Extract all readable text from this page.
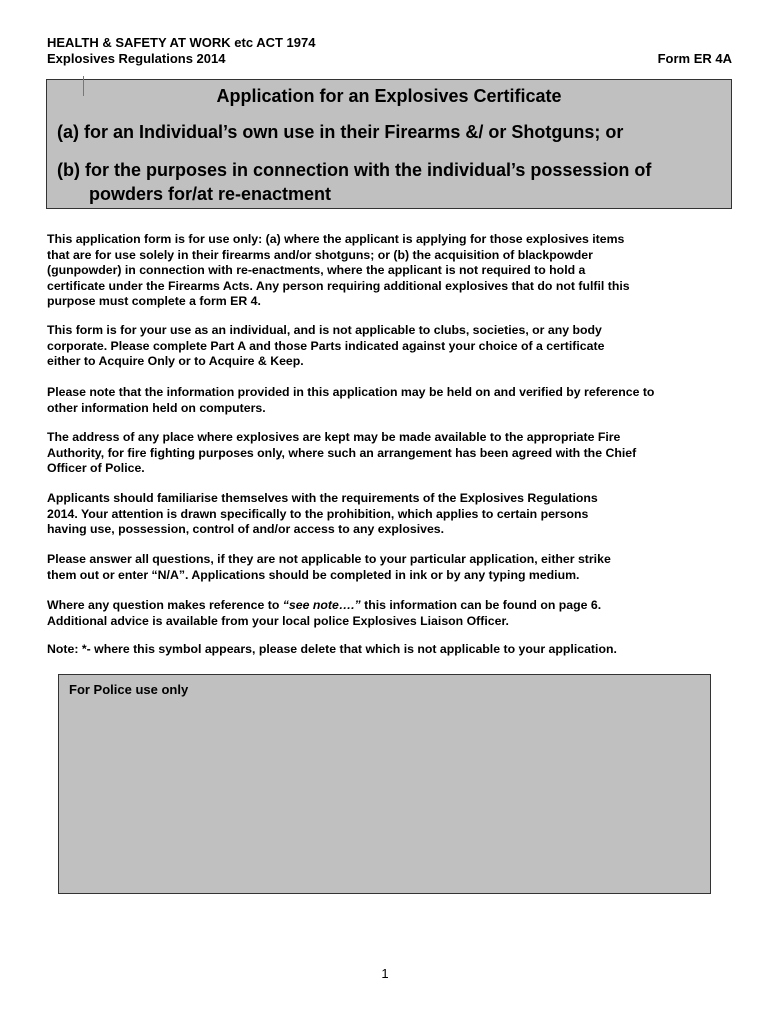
HEALTH & SAFETY AT WORK etc ACT 1974
Explosives Regulations 2014	Form ER 4A
Application for an Explosives Certificate
(a) for an Individual’s own use in their Firearms &/ or Shotguns; or
(b) for the purposes in connection with the individual’s possession of powders for/at re-enactment

This application form is for use only: (a) where the applicant is applying for those explosives items
that are for use solely in their firearms and/or shotguns; or (b) the acquisition of blackpowder
(gunpowder) in connection with re-enactments, where the applicant is not required to hold a
certificate under the Firearms Acts. Any person requiring additional explosives that do not fulfil this
purpose must complete a form ER 4.

This form is for your use as an individual, and is not applicable to clubs, societies, or any body
corporate. Please complete Part A and those Parts indicated against your choice of a certificate
either to Acquire Only or to Acquire & Keep.

Please note that the information provided in this application may be held on and verified by reference to
other information held on computers.

The address of any place where explosives are kept may be made available to the appropriate Fire
Authority, for fire fighting purposes only, where such an arrangement has been agreed with the Chief
Officer of Police.

Applicants should familiarise themselves with the requirements of the Explosives Regulations
2014. Your attention is drawn specifically to the prohibition, which applies to certain persons
having use, possession, control of and/or access to any explosives.

Please answer all questions, if they are not applicable to your particular application, either strike
them out or enter “N/A”. Applications should be completed in ink or by any typing medium.

Where any question makes reference to “see note….” this information can be found on page 6.
Additional advice is available from your local police Explosives Liaison Officer.

Note: *- where this symbol appears, please delete that which is not applicable to your application.

For Police use only
1
